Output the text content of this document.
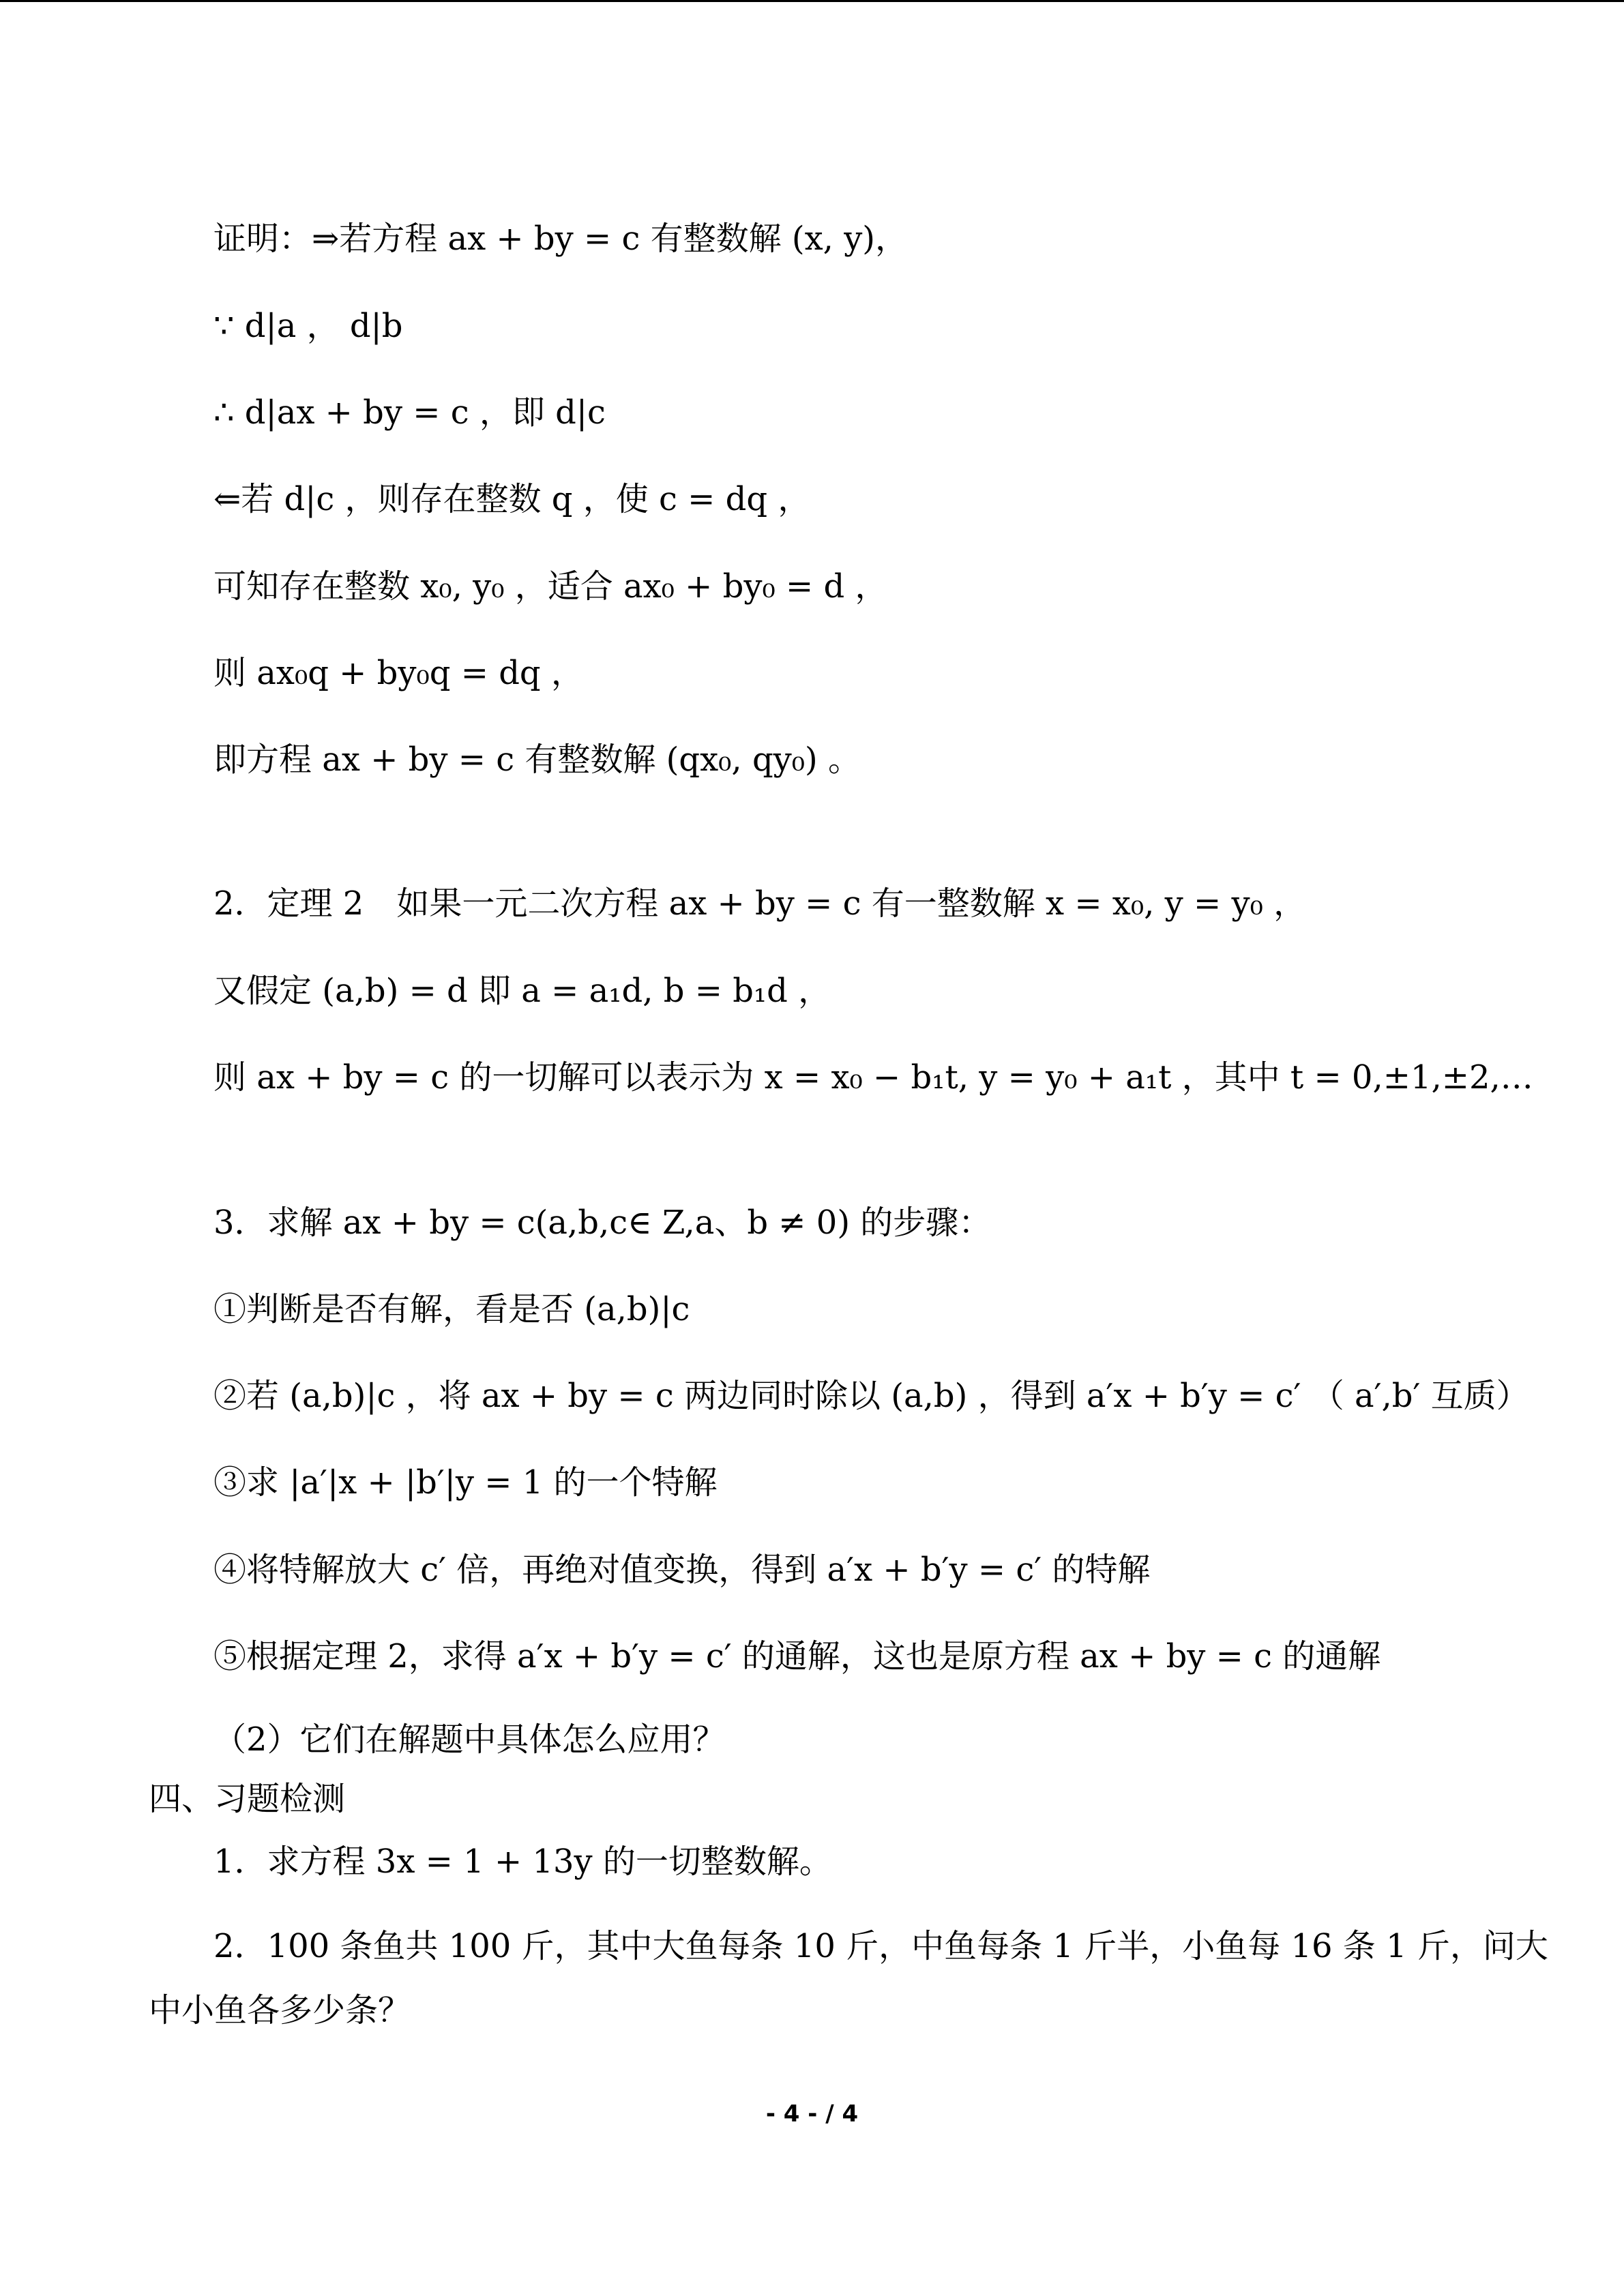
证明：⇒若方程 ax + by = c 有整数解 (x, y)，
∵ d|a ， d|b
∴ d|ax + by = c ，即 d|c
⇐若 d|c ，则存在整数 q ，使 c = dq ，
可知存在整数 x₀, y₀ ，适合 ax₀ + by₀ = d ，
则 ax₀q + by₀q = dq ，
即方程 ax + by = c 有整数解 (qx₀, qy₀) 。
2．定理 2　如果一元二次方程 ax + by = c 有一整数解 x = x₀, y = y₀ ，
又假定 (a,b) = d 即 a = a₁d, b = b₁d ，
则 ax + by = c 的一切解可以表示为 x = x₀ − b₁t, y = y₀ + a₁t ，其中 t = 0,±1,±2,…
3．求解 ax + by = c(a,b,c∈ Z,a、b ≠ 0) 的步骤：
①判断是否有解，看是否 (a,b)|c
②若 (a,b)|c ，将 ax + by = c 两边同时除以 (a,b) ，得到 a′x + b′y = c′ （ a′,b′ 互质）
③求 |a′|x + |b′|y = 1 的一个特解
④将特解放大 c′ 倍，再绝对值变换，得到 a′x + b′y = c′ 的特解
⑤根据定理 2，求得 a′x + b′y = c′ 的通解，这也是原方程 ax + by = c 的通解
（2）它们在解题中具体怎么应用？
四、习题检测
1．求方程 3x = 1 + 13y 的一切整数解。
2．100 条鱼共 100 斤，其中大鱼每条 10 斤，中鱼每条 1 斤半，小鱼每 16 条 1 斤，问大
中小鱼各多少条？
- 4 - / 4
